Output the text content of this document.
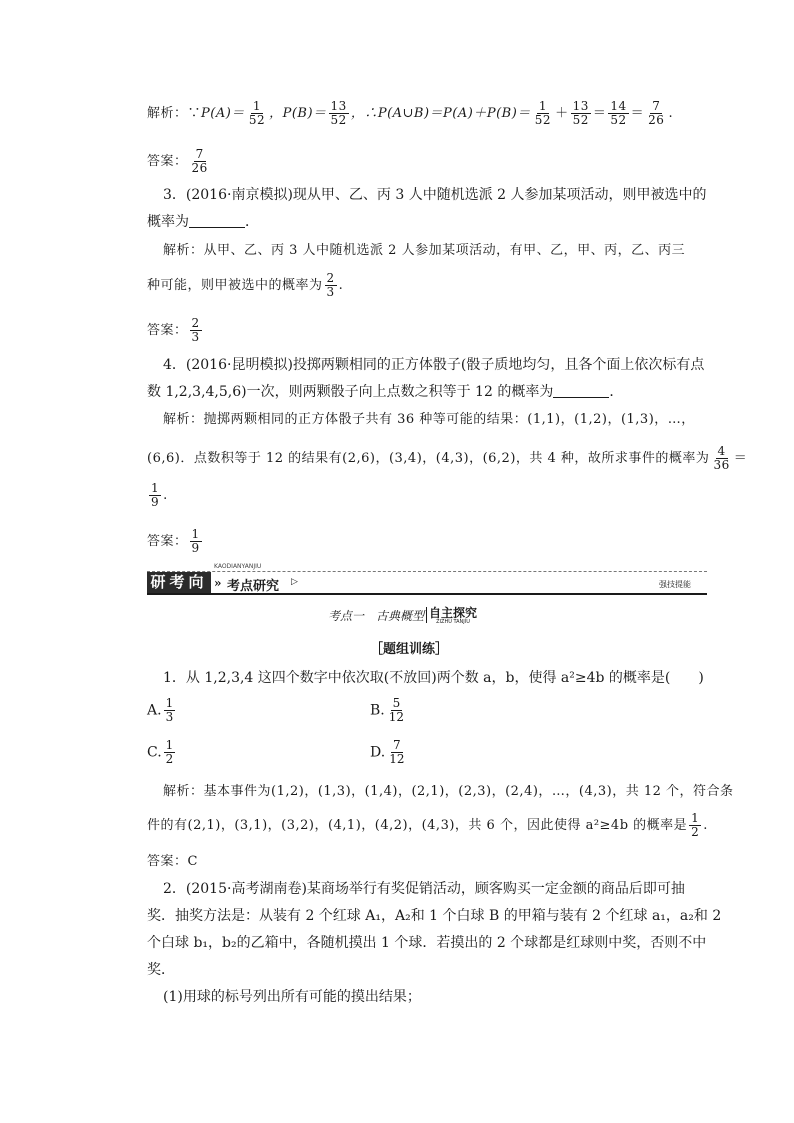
解析：∵P(A)＝ $\frac{1}{52}$ ，$P(B)= \frac{13}{52}$ ，∴P(A∪B)＝P(A)＋P(B)＝ $\frac{1}{52} + \frac{13}{52} = \frac{14}{52} = \frac{7}{26}$ .
答案： $\frac{7}{26}$
3．(2016·南京模拟)现从甲、乙、丙 3 人中随机选派 2 人参加某项活动，则甲被选中的
概率为	．
解析：从甲、乙、丙 3 人中随机选派 2 人参加某项活动，有甲、乙，甲、丙，乙、丙三
种可能，则甲被选中的概率为 $\frac{2}{3}$ .
答案： $\frac{2}{3}$
4．(2016·昆明模拟)投掷两颗相同的正方体骰子(骰子质地均匀，且各个面上依次标有点
数 1,2,3,4,5,6)一次，则两颗骰子向上点数之积等于 12 的概率为	．
解析：抛掷两颗相同的正方体骰子共有 36 种等可能的结果：(1,1)，(1,2)，(1,3)，…，
(6,6)．点数积等于 12 的结果有(2,6)，(3,4)，(4,3)，(6,2)，共 4 种，故所求事件的概率为 $\frac{4}{36}$ ＝
$\frac{1}{9}$ .
答案： $\frac{1}{9}$
研考向
KAODIANYANJIU
» 考点研究 ▷	强技提能
考点一　古典概型 自主探究
ZIZHU TANJIU
［题组训练］
1．从 1,2,3,4 这四个数字中依次取(不放回)两个数 a，b，使得 a²≥4b 的概率是(　　)
A. $\frac{1}{3}$	B. $\frac{5}{12}$
C. $\frac{1}{2}$	D. $\frac{7}{12}$
解析：基本事件为(1,2)，(1,3)，(1,4)，(2,1)，(2,3)，(2,4)，…，(4,3)，共 12 个，符合条
件的有(2,1)，(3,1)，(3,2)，(4,1)，(4,2)，(4,3)，共 6 个，因此使得 a²≥4b 的概率是 $\frac{1}{2}$ .
答案：C
2．(2015·高考湖南卷)某商场举行有奖促销活动，顾客购买一定金额的商品后即可抽
奖．抽奖方法是：从装有 2 个红球 A₁，A₂和 1 个白球 B 的甲箱与装有 2 个红球 a₁，a₂和 2
个白球 b₁，b₂的乙箱中，各随机摸出 1 个球．若摸出的 2 个球都是红球则中奖，否则不中
奖．
(1)用球的标号列出所有可能的摸出结果；
